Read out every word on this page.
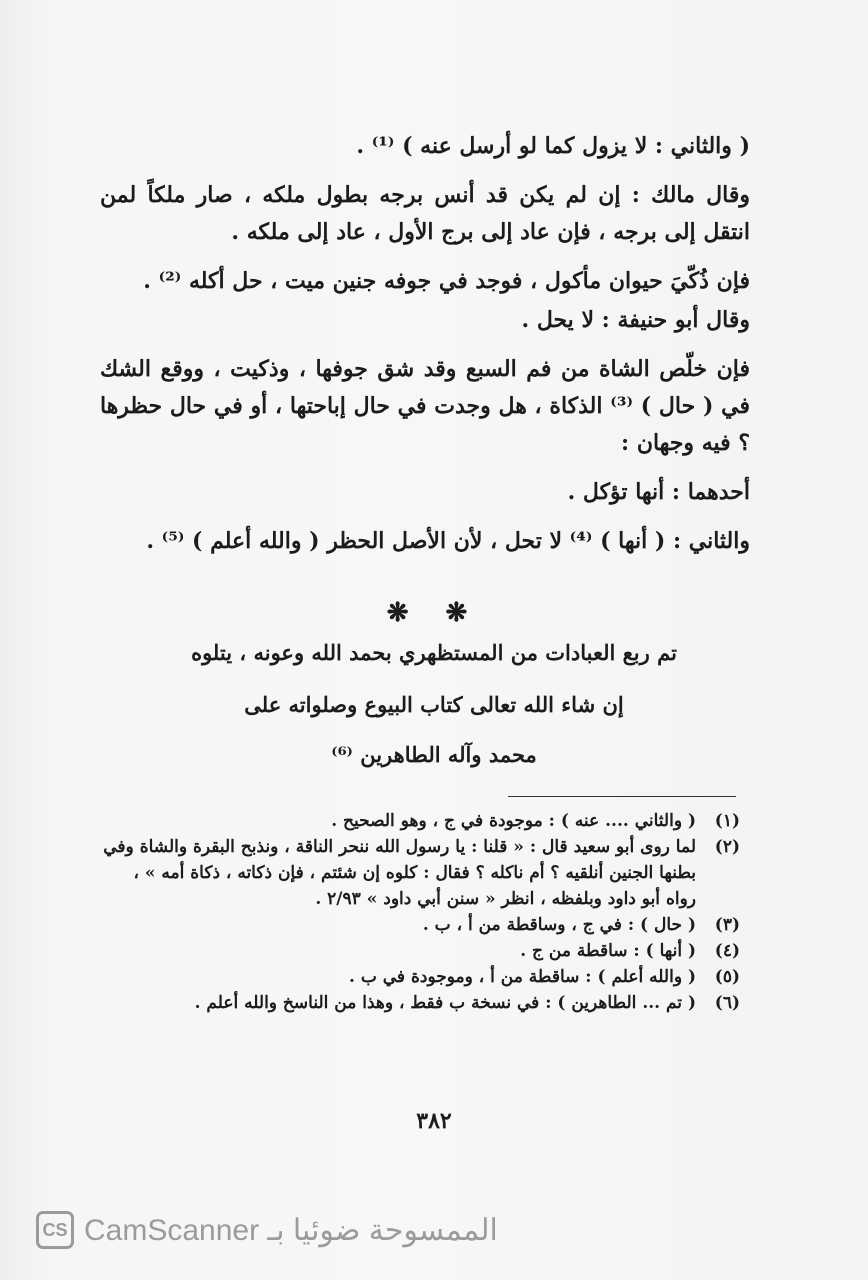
( والثاني : لا يزول كما لو أرسل عنه ) ⁽¹⁾ .

وقال مالك : إن لم يكن قد أنس برجه بطول ملكه ، صار ملكاً لمن انتقل إلى برجه ، فإن عاد إلى برج الأول ، عاد إلى ملكه .

فإن ذُكّيَ حيوان مأكول ، فوجد في جوفه جنين ميت ، حل أكله ⁽²⁾ .

وقال أبو حنيفة : لا يحل .

فإن خلّص الشاة من فم السبع وقد شق جوفها ، وذكيت ، ووقع الشك في ( حال ) ⁽³⁾ الذكاة ، هل وجدت في حال إباحتها ، أو في حال حظرها ؟ فيه وجهان :

أحدهما : أنها تؤكل .

والثاني : ( أنها ) ⁽⁴⁾ لا تحل ، لأن الأصل الحظر ( والله أعلم ) ⁽⁵⁾ .

❋ ❋
تم ربع العبادات من المستظهري بحمد الله وعونه ، يتلوه
إن شاء الله تعالى كتاب البيوع وصلواته على
محمد وآله الطاهرين ⁽⁶⁾
(١)
( والثاني .... عنه ) : موجودة في ج ، وهو الصحيح .
(٢)
لما روى أبو سعيد قال : « قلنا : يا رسول الله ننحر الناقة ، ونذبح البقرة والشاة وفي بطنها الجنين أنلقيه ؟ أم ناكله ؟ فقال : كلوه إن شئتم ، فإن ذكاته ، ذكاة أمه » ، رواه أبو داود وبلفظه ، انظر « سنن أبي داود » ٢/٩٣ .
(٣)
( حال ) : في ج ، وساقطة من أ ، ب .
(٤)
( أنها ) : ساقطة من ج .
(٥)
( والله أعلم ) : ساقطة من أ ، وموجودة في ب .
(٦)
( تم ... الطاهرين ) : في نسخة ب فقط ، وهذا من الناسخ والله أعلم .
٣٨٢
CS الممسوحة ضوئيا بـ CamScanner
